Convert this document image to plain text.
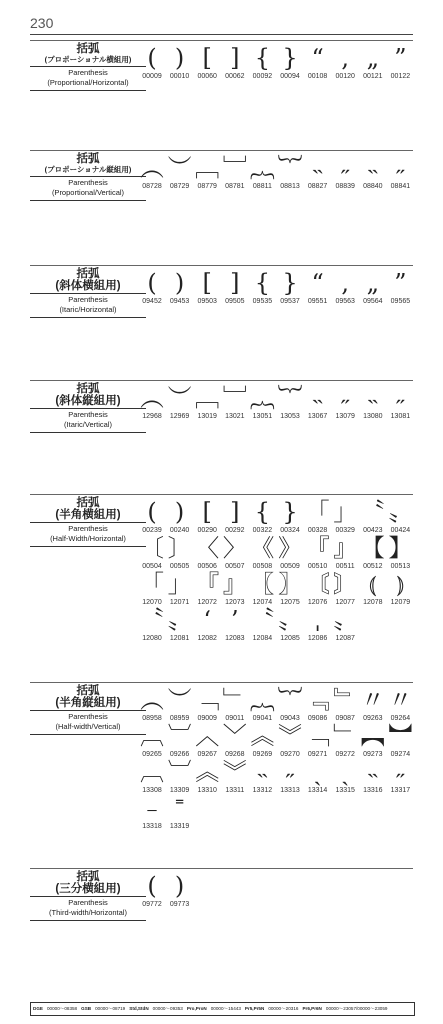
230
括弧
(プロポーショナル横組用)
Parenthesis
(Proportional/Horizontal)
(
00009
)
00010
[
00060
]
00062
{
00092
}
00094
“
00108
,
00120
„
00121
”
00122
括弧
(プロポーショナル縦組用)
Parenthesis
(Proportional/Vertical)
︵
08728
︶
08729
﹇
08779
﹈
08781
︷
08811
︸
08813
˵
08827
˶
08839
˵
08840
˶
08841
括弧
(斜体横組用)
Parenthesis
(Itaric/Horizontal)
(
09452
)
09453
[
09503
]
09505
{
09535
}
09537
“
09551
,
09563
„
09564
”
09565
括弧
(斜体縦組用)
Parenthesis
(Itaric/Vertical)
︵
12968
︶
12969
﹇
13019
﹈
13021
︷
13051
︸
13053
˵
13067
˶
13079
˵
13080
˶
13081
括弧
(半角横組用)
Parenthesis
(Half-Width/Horizontal)
(
00239
)
00240
[
00290
]
00292
{
00322
}
00324
「
00328
」
00329
〝
00423
〟
00424
〔
00504
〕
00505
〈
00506
〉
00507
《
00508
》
00509
『
00510
』
00511
【
00512
】
00513
「
12070
」
12071
『
12072
』
12073
〖
12074
〗
12075
〘
12076
〙
12077
⦅
12078
⦆
12079
〝
12080
〟
12081
‘
12082
’
12083
〝
12084
〟
12085
ˌ
12086
〟
12087
括弧
(半角縦組用)
Parenthesis
(Half-width/Vertical)
︵
08958
︶
08959
﹁
09009
﹂
09011
︷
09041
︸
09043
﹃
09086
﹄
09087
〃
09263
〃
09264
︹
09265
︺
09266
︿
09267
﹀
09268
︽
09269
︾
09270
﹁
09271
﹂
09272
︻
09273
︼
09274
︹
13308
︺
13309
︽
13310
︾
13311
˵
13312
˶
13313
ˏ
13314
ˎ
13315
˵
13316
˶
13317
﹣
13318
˭
13319
括弧
(三分横組用)
Parenthesis
(Third-width/Horizontal)
(
09772
)
09773
DGE 00000〜08358 GSB 00000〜08719 Std,StdN 00000〜09353 Pro,ProN 00000〜15443 Pr5,Pr5N 00000〜20316 Pr6,Pr6N 00000〜23057/00000〜23059
